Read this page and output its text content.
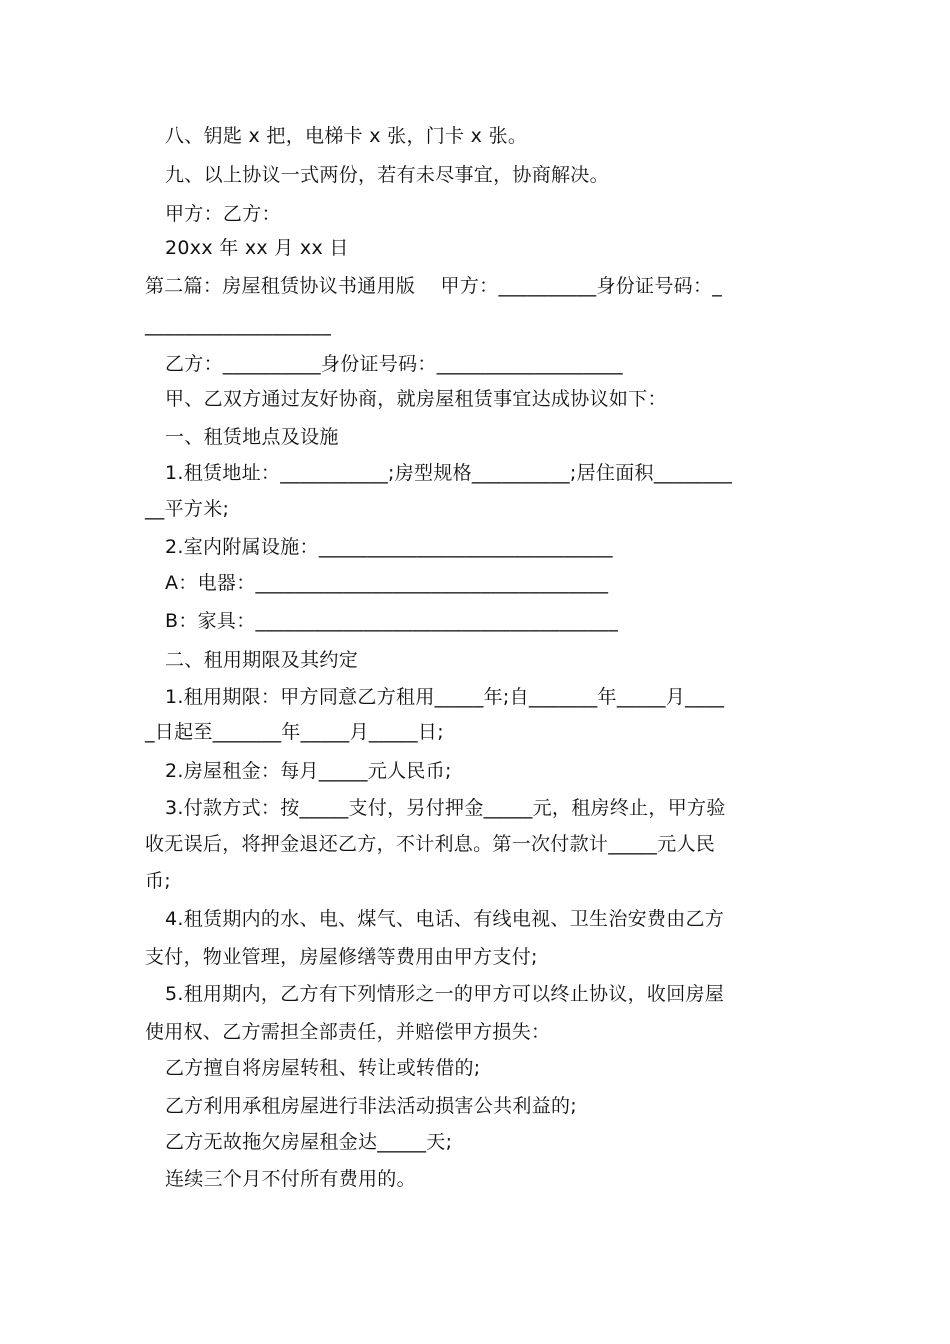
八、钥匙 x 把，电梯卡 x 张，门卡 x 张。
九、以上协议一式两份，若有未尽事宜，协商解决。
甲方：乙方：
20xx 年 xx 月 xx 日
第二篇：房屋租赁协议书通用版    甲方：__________身份证号码：_
___________________
乙方：__________身份证号码：___________________
甲、乙双方通过友好协商，就房屋租赁事宜达成协议如下：
一、租赁地点及设施
1.租赁地址：___________;房型规格__________;居住面积________
__平方米;
2.室内附属设施：______________________________
A：电器：____________________________________
B：家具：_____________________________________
二、租用期限及其约定
1.租用期限：甲方同意乙方租用_____年;自_______年_____月____
_日起至_______年_____月_____日;
2.房屋租金：每月_____元人民币;
3.付款方式：按_____支付，另付押金_____元，租房终止，甲方验
收无误后，将押金退还乙方，不计利息。第一次付款计_____元人民
币;
4.租赁期内的水、电、煤气、电话、有线电视、卫生治安费由乙方
支付，物业管理，房屋修缮等费用由甲方支付;
5.租用期内，乙方有下列情形之一的甲方可以终止协议，收回房屋
使用权、乙方需担全部责任，并赔偿甲方损失：
乙方擅自将房屋转租、转让或转借的;
乙方利用承租房屋进行非法活动损害公共利益的;
乙方无故拖欠房屋租金达_____天;
连续三个月不付所有费用的。
